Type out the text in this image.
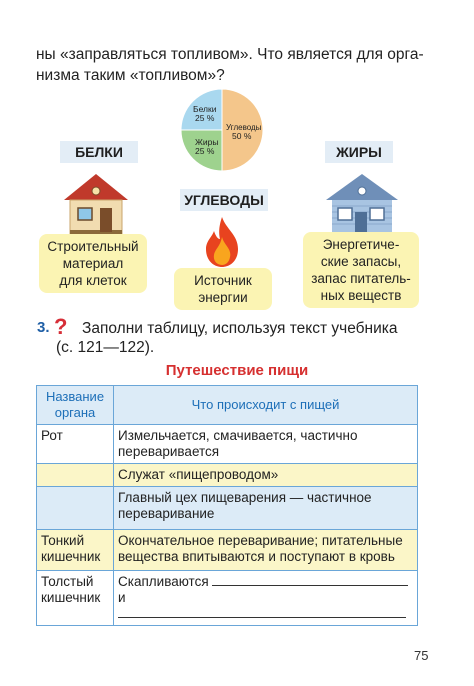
ны «заправляться топливом». Что является для орга-
низма таким «топливом»?
Белки
25 %
Жиры
25 %
Углеводы
50 %
БЕЛКИ	ЖИРЫ
УГЛЕВОДЫ
Строительный
материал
для клеток	Источник
энергии
Энергетиче-
ские запасы,
запас питатель-
ных веществ
3. ? Заполни таблицу, используя текст учебника
(с. 121—122).
Путешествие пищи
Название органа	Что происходит с пищей
Рот	Измельчается, смачивается, частично переваривается
	Служат «пищепроводом»
	Главный цех пищеварения — частичное переваривание
Тонкий кишечник	Окончательное переваривание; питательные вещества впитываются и поступают в кровь
Толстый кишечник	Скапливаются
и
75
